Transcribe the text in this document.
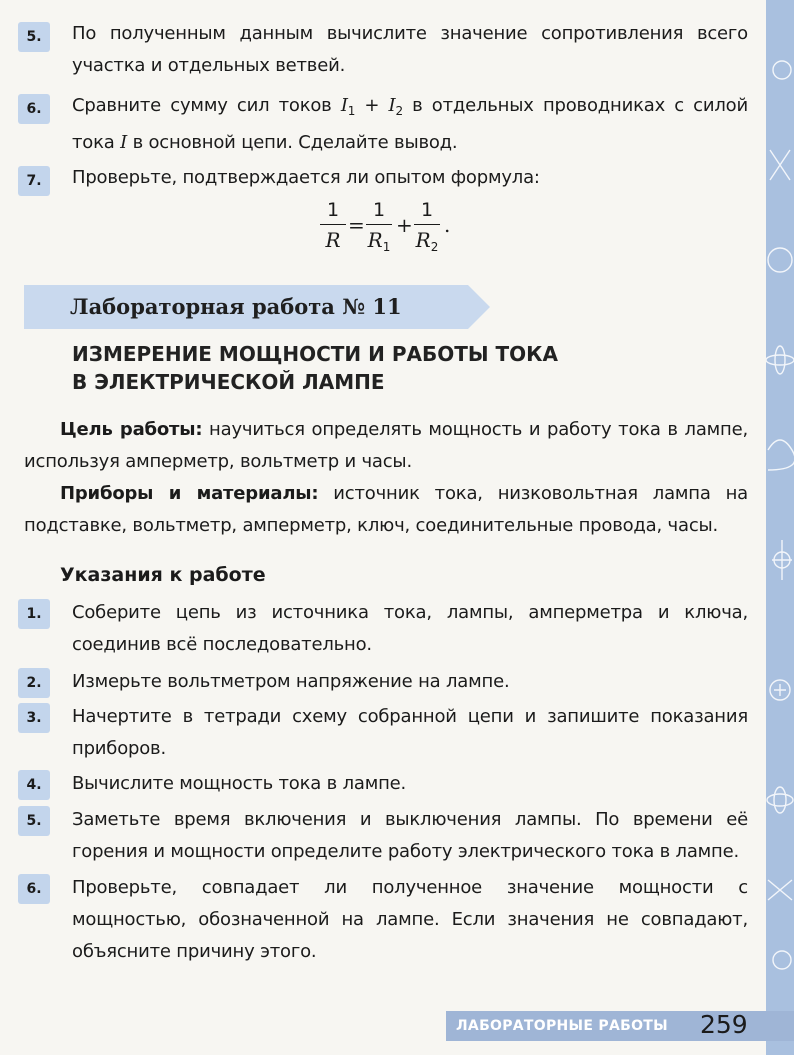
5.	По полученным данным вычислите значение сопротивления всего участка и отдельных ветвей.
6.	Сравните сумму сил токов $I_1 + I_2$ в отдельных проводниках с силой тока I в основной цепи. Сделайте вывод.
7.	Проверьте, подтверждается ли опытом формула:
1
R
=
1
$R_1$
+
1
$R_2$
.
Лабораторная работа № 11
ИЗМЕРЕНИЕ МОЩНОСТИ И РАБОТЫ ТОКА
В ЭЛЕКТРИЧЕСКОЙ ЛАМПЕ
Цель работы: научиться определять мощность и работу тока в лампе, используя амперметр, вольтметр и часы.
Приборы и материалы: источник тока, низковольтная лампа на подставке, вольтметр, амперметр, ключ, соединительные провода, часы.
Указания к работе
1.	Соберите цепь из источника тока, лампы, амперметра и ключа, соединив всё последовательно.
2.	Измерьте вольтметром напряжение на лампе.
3.	Начертите в тетради схему собранной цепи и запишите показания приборов.
4.	Вычислите мощность тока в лампе.
5.	Заметьте время включения и выключения лампы. По времени её горения и мощности определите работу электрического тока в лампе.
6.	Проверьте, совпадает ли полученное значение мощности с мощностью, обозначенной на лампе. Если значения не совпадают, объясните причину этого.
ЛАБОРАТОРНЫЕ РАБОТЫ 259
